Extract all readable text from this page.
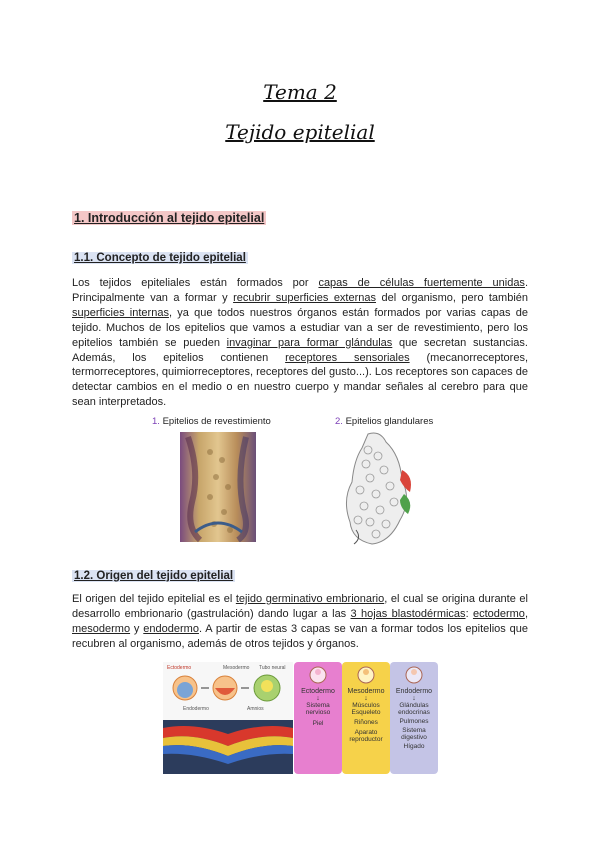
Tema 2
Tejido epitelial
1. Introducción al tejido epitelial
1.1. Concepto de tejido epitelial
Los tejidos epiteliales están formados por capas de células fuertemente unidas. Principalmente van a formar y recubrir superficies externas del organismo, pero también superficies internas, ya que todos nuestros órganos están formados por varias capas de tejido. Muchos de los epitelios que vamos a estudiar van a ser de revestimiento, pero los epitelios también se pueden invaginar para formar glándulas que secretan sustancias. Además, los epitelios contienen receptores sensoriales (mecanorreceptores, termorreceptores, quimiorreceptores, receptores del gusto...). Los receptores son capaces de detectar cambios en el medio o en nuestro cuerpo y mandar señales al cerebro para que sean interpretados.
1. Epitelios de revestimiento	2. Epitelios glandulares
1.2. Origen del tejido epitelial
El origen del tejido epitelial es el tejido germinativo embrionario, el cual se origina durante el desarrollo embrionario (gastrulación) dando lugar a las 3 hojas blastodérmicas: ectodermo, mesodermo y endodermo. A partir de estas 3 capas se van a formar todos los epitelios que recubren al organismo, además de otros tejidos y órganos.
Ectodermo	Mesodermo Tubo neural
Endodermo	Amnios
Ectodermo
↓
Sistema nervioso
Piel
Mesodermo
↓
Músculos Esqueleto
Riñones
Aparato reproductor
Endodermo
↓
Glándulas endocrinas
Pulmones
Sistema digestivo
Hígado
